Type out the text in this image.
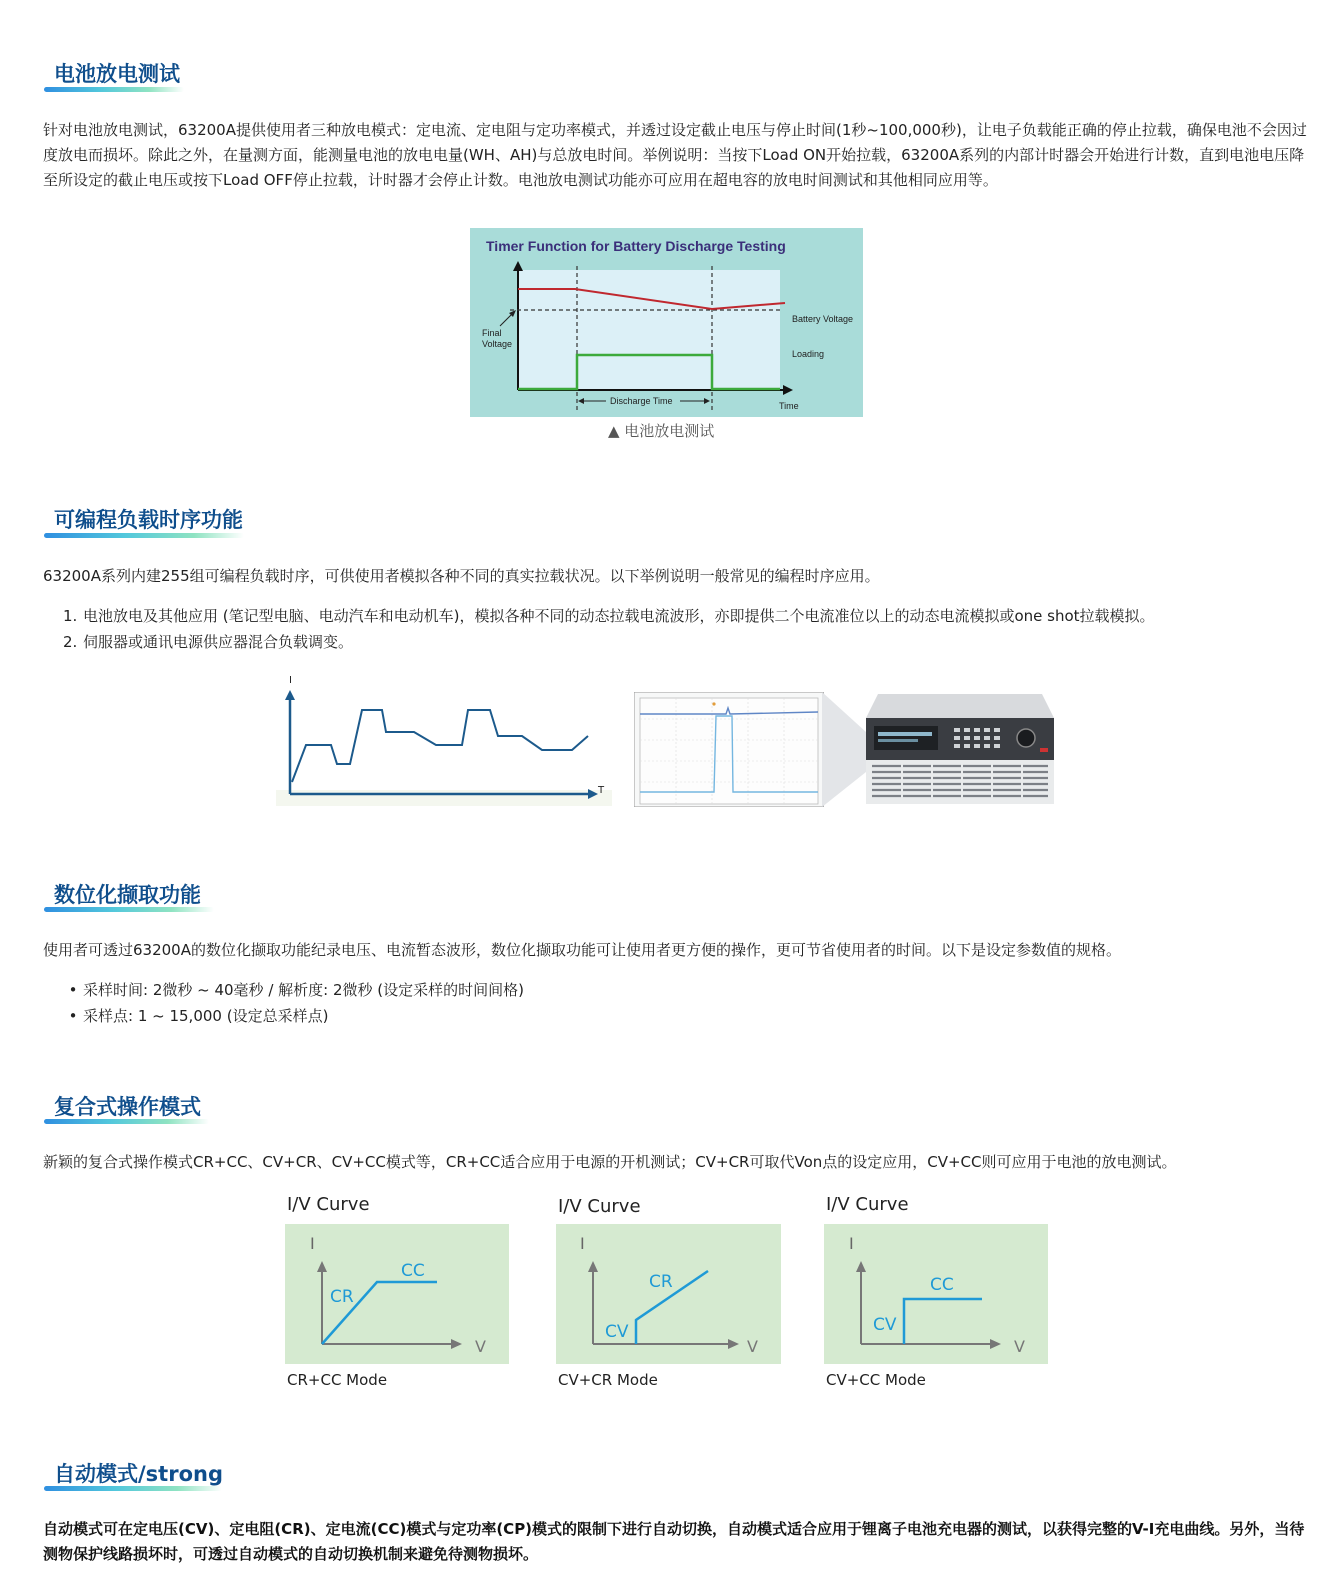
电池放电测试

针对电池放电测试，63200A提供使用者三种放电模式：定电流、定电阻与定功率模式，并透过设定截止电压与停止时间(1秒~100,000秒)，让电子负载能正确的停止拉载，确保电池不会因过度放电而损坏。除此之外，在量测方面，能测量电池的放电电量(WH、AH)与总放电时间。举例说明：当按下Load ON开始拉载，63200A系列的内部计时器会开始进行计数，直到电池电压降至所设定的截止电压或按下Load OFF停止拉载，计时器才会停止计数。电池放电测试功能亦可应用在超电容的放电时间测试和其他相同应用等。

Timer Function for Battery Discharge Testing
Final
Voltage
Battery Voltage
Loading
Discharge Time	Time
▲ 电池放电测试
可编程负载时序功能

63200A系列内建255组可编程负载时序，可供使用者模拟各种不同的真实拉载状况。以下举例说明一般常见的编程时序应用。

1. 电池放电及其他应用 (笔记型电脑、电动汽车和电动机车)，模拟各种不同的动态拉载电流波形，亦即提供二个电流准位以上的动态电流模拟或one shot拉载模拟。
2. 伺服器或通讯电源供应器混合负载调变。
I
T
数位化撷取功能

使用者可透过63200A的数位化撷取功能纪录电压、电流暂态波形，数位化撷取功能可让使用者更方便的操作，更可节省使用者的时间。以下是设定参数值的规格。

• 采样时间: 2微秒 ~ 40毫秒 / 解析度: 2微秒 (设定采样的时间间格)
• 采样点: 1 ~ 15,000 (设定总采样点)
复合式操作模式

新颖的复合式操作模式CR+CC、CV+CR、CV+CC模式等，CR+CC适合应用于电源的开机测试；CV+CR可取代Von点的设定应用，CV+CC则可应用于电池的放电测试。

I/V Curve
I
V
CR
CC
CR+CC Mode
I/V Curve
I
V
CV
CR
CV+CR Mode
I/V Curve
I
V
CV
CC
CV+CC Mode
自动模式/strong

自动模式可在定电压(CV)、定电阻(CR)、定电流(CC)模式与定功率(CP)模式的限制下进行自动切换，自动模式适合应用于锂离子电池充电器的测试，以获得完整的V-I充电曲线。另外，当待测物保护线路损坏时，可透过自动模式的自动切换机制来避免待测物损坏。
